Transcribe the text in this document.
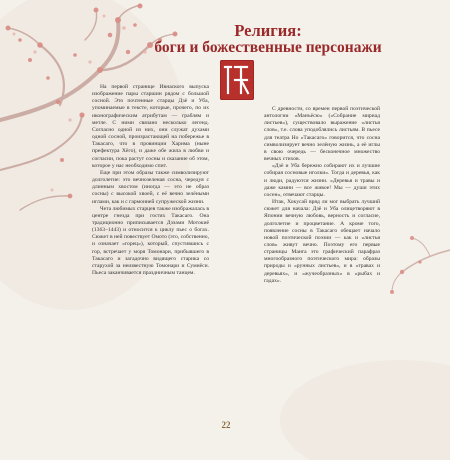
Религия:
боги и божественные персонажи

На первой странице Ивнаского выпуска изображение пары старшин рядом с большой сосной. Это почтенные старцы Дзё и Уба, упоминаемые в тексте, которые, прочего, по их иконографическим атрибутам — граблям и метле. С ними связано несколько легенд. Согласно одной из них, они служат духами одной сосной, произрастающей на побережье в Такасаго, что в провинции Харима (ныне префектура Хёго), и даже обе жила в любви и согласии, пока растут сосны и сказание об этом, которое у нас необходимо спит.

Еще при этом образы также символизируют долголетие: это вечнозеленая сосна, чередуя с длинным хвостом (иногда — это не образ сосны) с высокой хвоей, с её вечно зелёными иглами, как и с гармонией супружеской жизни.

Чета любимых старцев также изображалась в центре гнезда при гостях Такасаго. Она традиционно приписывается Дзэами Мотокиё (1363–1443) и относится к циклу пьес о богах. Сюжет в ней повествует Омото (это, собственно, и означает «горец»), который, спустившись с гор, встречает у моря Томонари, прибывшего в Такасаго и загадочно видящего старика со старухой за неизвестную Томонари и Сумиёси. Пьеса заканчивается праздничным танцем.

С древности, со времен первой поэтической антологии «Манъёсю» («Собрание мириад листьев»), существовало выражение «листья слов», т.е. слова уподоблялись листьям. В пьесе для театра Но «Такасаго» говорится, что сосна символизирует вечно зелёную жизнь, а её иглы в свою очередь — бесконечное множество вечных стихов.

«Дзё и Уба бережно собирают их и лучшие собирая сосновые иголки». Тогда и деревья, как и люди, радуются жизни. «Деревья и травы и даже камни — все живое! Мы — души этих сосен», отвечают старцы.

Итак, Хокусай вряд ли мог выбрать лучший сюжет для начала: Дзё и Уба олицетворяют в Японии вечную любовь, верность и согласие, долголетие и процветание. А кроме того, появление сосны в Такасаго обещает начало новой поэтической поэзии — как и «листья слов» живут вечно. Поэтому его первые страницы Манга это графический парафраз многообразного поэтического мира: образы природы и «рунных листьев», и в «травах и деревьях», и «жучеобразных» в «рыбах и гадах».

22
